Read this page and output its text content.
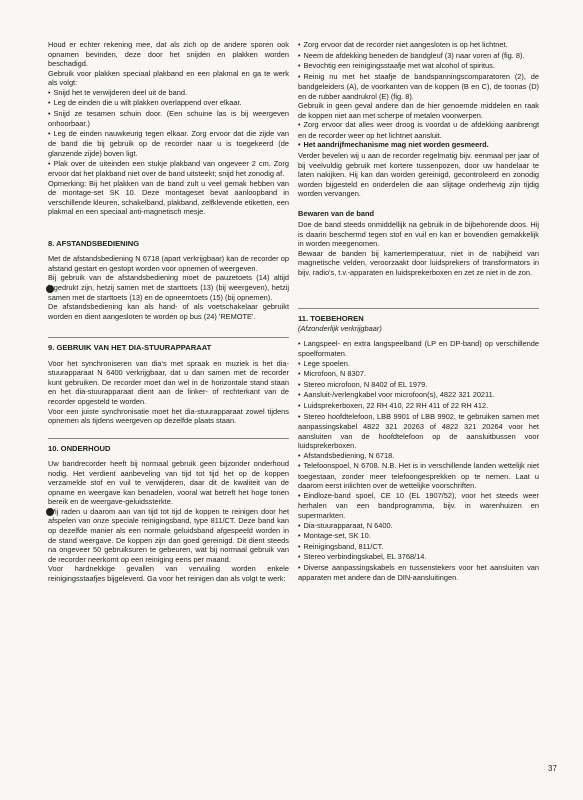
Houd er echter rekening mee, dat als zich op de andere sporen ook opnamen bevinden, deze door het snijden en plakken worden beschadigd.

Gebruik voor plakken speciaal plakband en een plakmal en ga te werk als volgt:

• Snijd het te verwijderen deel uit de band.

• Leg de einden die u wilt plakken overlappend over elkaar.

• Snijd ze tesamen schuin door. (Een schuine las is bij weergeven onhoorbaar.)

• Leg de einden nauwkeurig tegen elkaar. Zorg ervoor dat die zijde van de band die bij gebruik op de recorder naar u is toegekeerd (de glanzende zijde) boven ligt.

• Plak over de uiteinden een stukje plakband van ongeveer 2 cm. Zorg ervoor dat het plakband niet over de band uitsteekt; snijd het zonodig af.

Opmerking: Bij het plakken van de band zult u veel gemak hebben van de montage-set SK 10. Deze montageset bevat aanloopband in verschillende kleuren, schakelband, plakband, zelfklevende etiketten, een plakmal en een speciaal anti-magnetisch mesje.

8. AFSTANDSBEDIENING

Met de afstandsbediening N 6718 (apart verkrijgbaar) kan de recorder op afstand gestart en gestopt worden voor opnemen of weergeven.

Bij gebruik van de afstandsbediening moet de pauzetoets (14) altijd ingedrukt zijn, hetzij samen met de starttoets (13) (bij weergeven), hetzij samen met de starttoets (13) en de opneemtoets (15) (bij opnemen).

De afstandsbediening kan als hand- of als voetschakelaar gebruikt worden en dient aangesloten te worden op bus (24) 'REMOTE'.

9. GEBRUIK VAN HET DIA-STUURAPPARAAT

Voor het synchroniseren van dia's met spraak en muziek is het dia-stuurapparaat N 6400 verkrijgbaar, dat u dan samen met de recorder kunt gebruiken. De recorder moet dan wel in de horizontale stand staan en het dia-stuurapparaat dient aan de linker- of rechterkant van de recorder opgesteld te worden.

Voor een juiste synchronisatie moet het dia-stuurapparaat zowel tijdens opnemen als tijdens weergeven op dezelfde plaats staan.

10. ONDERHOUD

Uw bandrecorder heeft bij normaal gebruik geen bijzonder onderhoud nodig. Het verdient aanbeveling van tijd tot tijd het op de koppen verzamelde stof en vuil te verwijderen, daar dit de kwaliteit van de opname en weergave kan benadelen, vooral wat betreft het hoge tonen bereik en de weergave-geluidssterkte.

Wij raden u daarom aan van tijd tot tijd de koppen te reinigen door het afspelen van onze speciale reinigingsband, type 811/CT. Deze band kan op dezelfde manier als een normale geluidsband afgespeeld worden in de stand weergave. De koppen zijn dan goed gereinigd. Dit dient steeds na ongeveer 50 gebruiksuren te gebeuren, wat bij normaal gebruik van de recorder neerkomt op een reiniging eens per maand.

Voor hardnekkige gevallen van vervuiling worden enkele reinigingsstaafjes bijgeleverd. Ga voor het reinigen dan als volgt te werk:

• Zorg ervoor dat de recorder niet aangesloten is op het lichtnet.

• Neem de afdekking beneden de bandgleuf (3) naar voren af (fig. 8).

• Bevochtig een reinigingsstaafje met wat alcohol of spiritus.

• Reinig nu met het staafje de bandspanningscomparatoren (2), de bandgeleiders (A), de voorkanten van de koppen (B en C), de toonas (D) en de rubber aandrukrol (E) (fig. 8).

Gebruik in geen geval andere dan de hier genoemde middelen en raak de koppen niet aan met scherpe of metalen voorwerpen.

• Zorg ervoor dat alles weer droog is voordat u de afdekking aanbrengt en de recorder weer op het lichtnet aansluit.

• Het aandrijfmechanisme mag niet worden gesmeerd.

Verder bevelen wij u aan de recorder regelmatig bijv. eenmaal per jaar of bij veelvuldig gebruik met kortere tussenpozen, door uw handelaar te laten nakijken. Hij kan dan worden gereinigd, gecontroleerd en zonodig worden bijgesteld en onderdelen die aan slijtage onderhevig zijn tijdig worden vervangen.

Bewaren van de band

Doe de band steeds onmiddellijk na gebruik in de bijbehorende doos. Hij is daarin beschermd tegen stof en vuil en kan er bovendien gemakkelijk in worden meegenomen.

Bewaar de banden bij kamertemperatuur, niet in de nabijheid van magnetische velden, veroorzaakt door luidsprekers of transformators in bijv. radio's, t.v.-apparaten en luidsprekerboxen en zet ze niet in de zon.

11. TOEBEHOREN
(Afzonderlijk verkrijgbaar)

• Langspeel- en extra langspeelband (LP en DP-band) op verschillende spoelformaten.

• Lege spoelen.

• Microfoon, N 8307.

• Stereo microfoon, N 8402 of EL 1979.

• Aansluit-/verlengkabel voor microfoon(s), 4822 321 20211.

• Luidsprekerboxen, 22 RH 410, 22 RH 411 of 22 RH 412.

• Stereo hoofdtelefoon, LBB 9901 of LBB 9902, te gebruiken samen met aanpassingskabel 4822 321 20263 of 4822 321 20264 voor het aansluiten van de hoofdtelefoon op de aansluitbussen voor luidsprekerboxen.

• Afstandsbediening, N 6718.

• Telefoonspoel, N 6708. N.B. Het is in verschillende landen wettelijk niet toegestaan, zonder meer telefoongesprekken op te nemen. Laat u daarom eerst inlichten over de wettelijke voorschriften.

• Eindloze-band spoel, CE 10 (EL 1907/52), voor het steeds weer herhalen van een bandprogramma, bijv. in warenhuizen en supermarkten.

• Dia-stuurapparaat, N 6400.

• Montage-set, SK 10.

• Reinigingsband, 811/CT.

• Stereo verbindingskabel, EL 3768/14.

• Diverse aanpassingskabels en tussenstekers voor het aansluiten van apparaten met andere dan de DIN-aansluitingen.

37
